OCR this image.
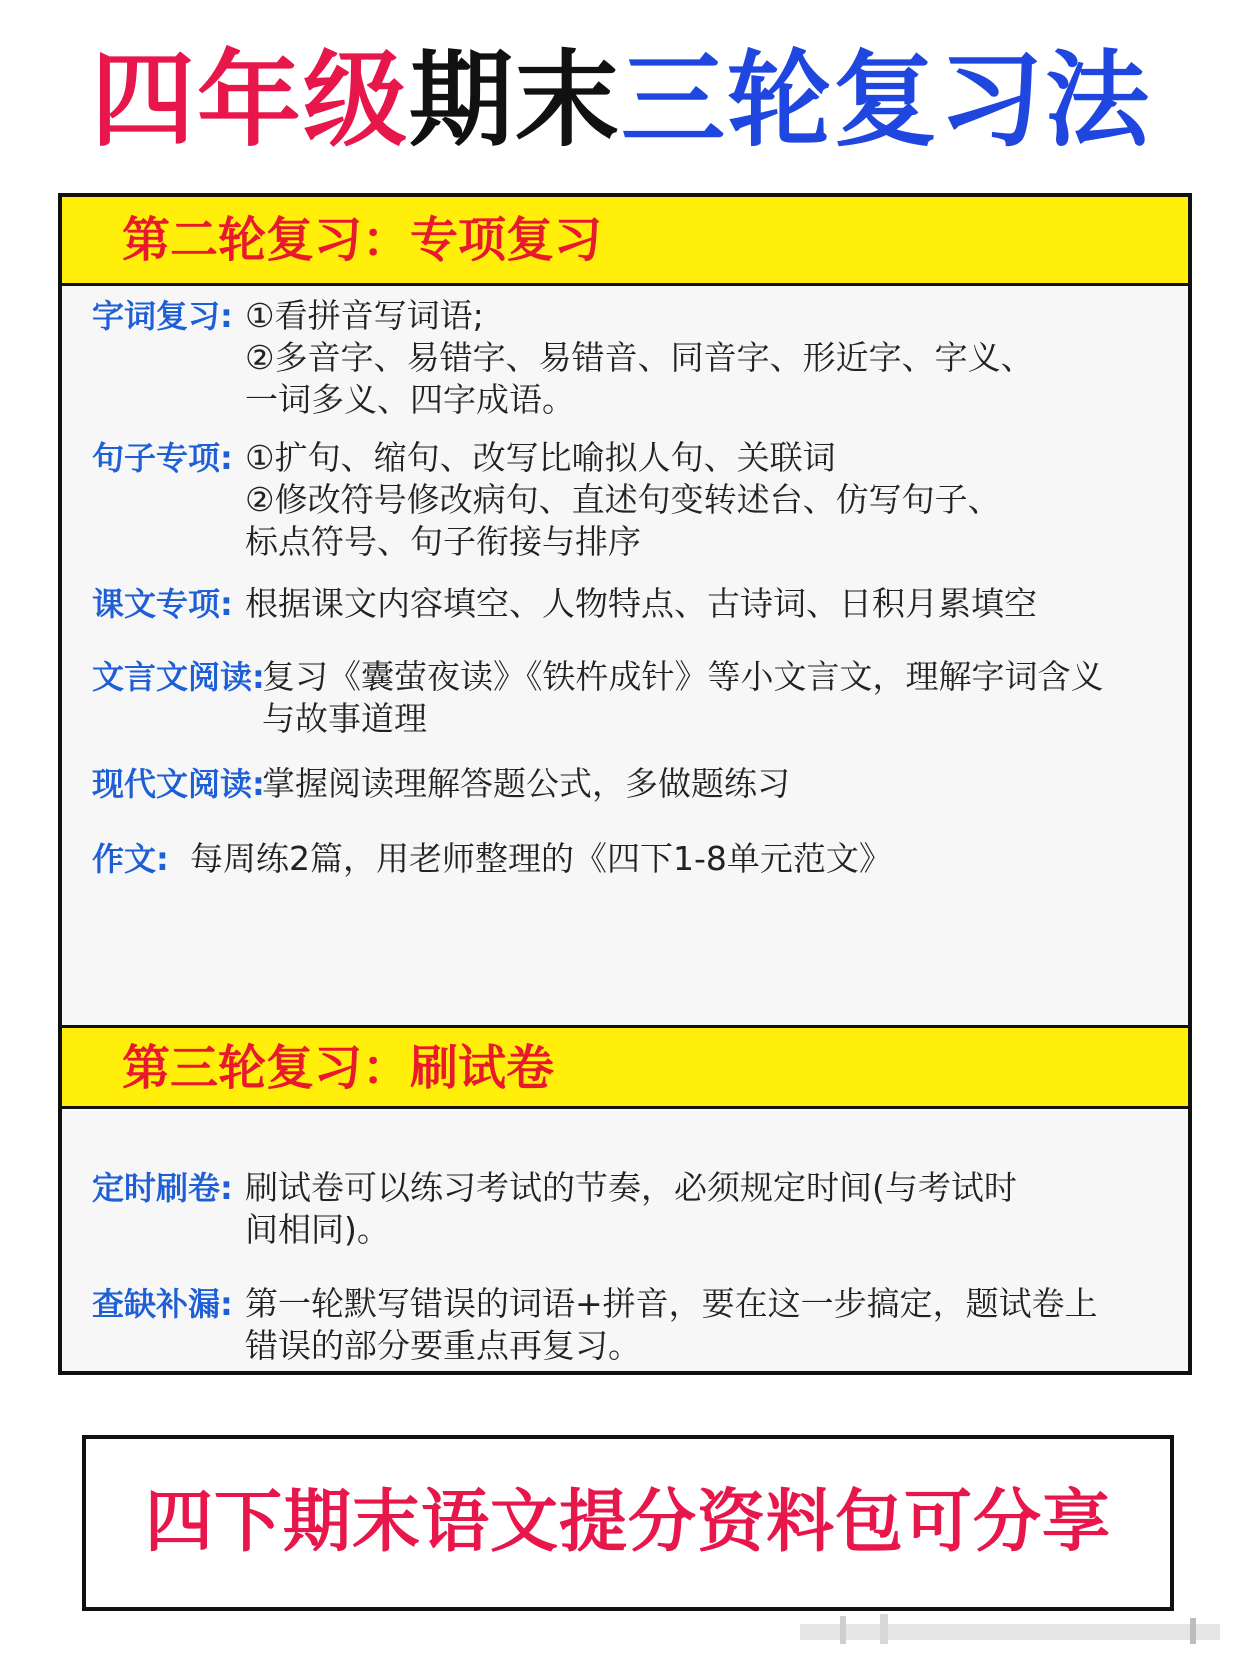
四年级期末三轮复习法
第二轮复习：专项复习
字词复习: ①看拼音写词语;
②多音字、易错字、易错音、同音字、形近字、字义、
一词多义、四字成语。
句子专项: ①扩句、缩句、改写比喻拟人句、关联词
②修改符号修改病句、直述句变转述台、仿写句子、
标点符号、句子衔接与排序
课文专项: 根据课文内容填空、人物特点、古诗词、日积月累填空
文言文阅读:
复习《囊萤夜读》《铁杵成针》等小文言文，理解字词含义
与故事道理
现代文阅读:
掌握阅读理解答题公式，多做题练习
作文: 每周练2篇，用老师整理的《四下1-8单元范文》
第三轮复习：刷试卷
定时刷卷: 刷试卷可以练习考试的节奏，必须规定时间(与考试时
间相同)。
查缺补漏: 第一轮默写错误的词语+拼音，要在这一步搞定，题试卷上
错误的部分要重点再复习。
四下期末语文提分资料包可分享
